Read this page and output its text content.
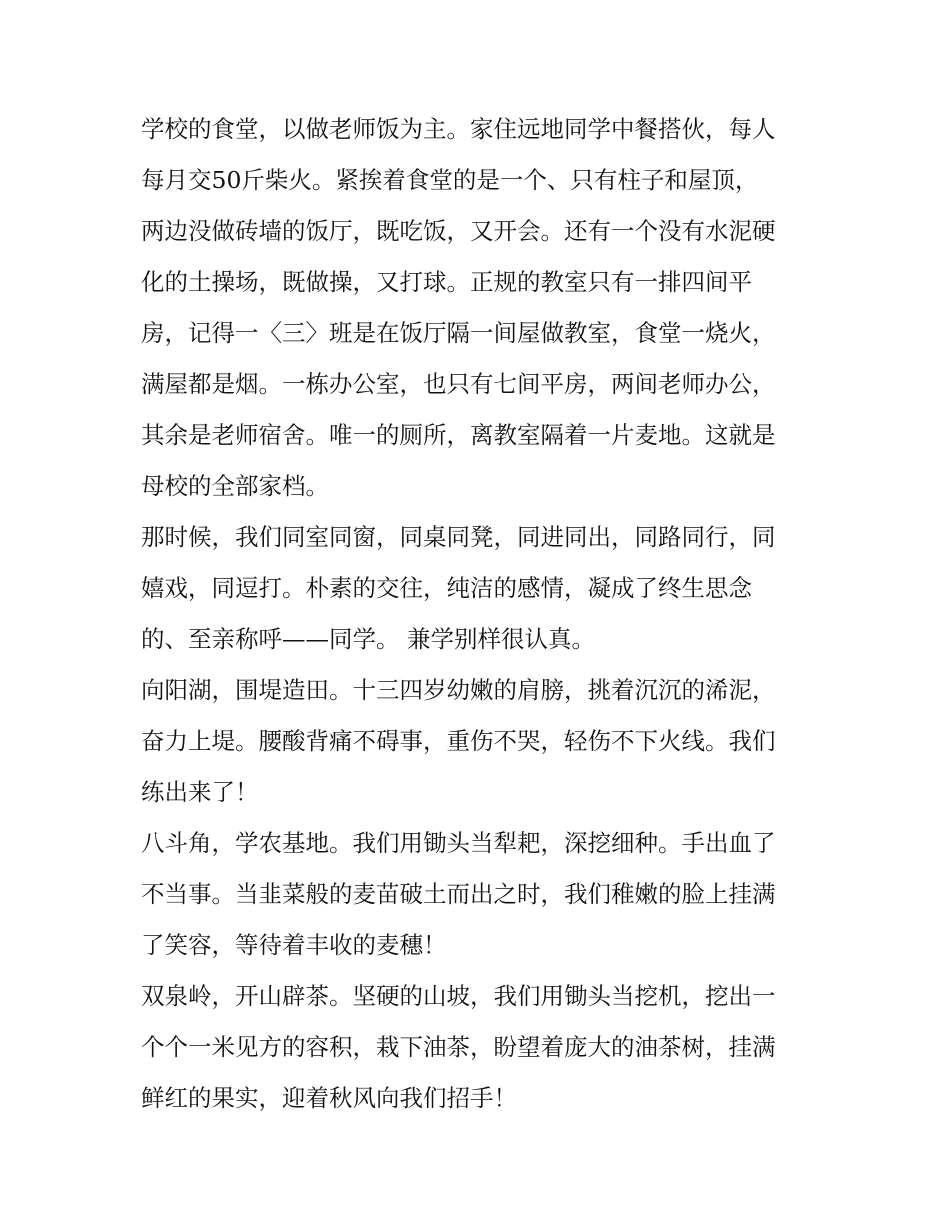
学校的食堂，以做老师饭为主。家住远地同学中餐搭伙，每人
每月交50斤柴火。紧挨着食堂的是一个、只有柱子和屋顶，
两边没做砖墙的饭厅，既吃饭，又开会。还有一个没有水泥硬
化的土操场，既做操，又打球。正规的教室只有一排四间平
房，记得一〈三〉班是在饭厅隔一间屋做教室，食堂一烧火，
满屋都是烟。一栋办公室，也只有七间平房，两间老师办公，
其余是老师宿舍。唯一的厕所，离教室隔着一片麦地。这就是
母校的全部家档。
那时候，我们同室同窗，同桌同凳，同进同出，同路同行，同
嬉戏，同逗打。朴素的交往，纯洁的感情，凝成了终生思念
的、至亲称呼——同学。 兼学别样很认真。
向阳湖，围堤造田。十三四岁幼嫩的肩膀，挑着沉沉的浠泥，
奋力上堤。腰酸背痛不碍事，重伤不哭，轻伤不下火线。我们
练出来了！
八斗角，学农基地。我们用锄头当犁耙，深挖细种。手出血了
不当事。当韭菜般的麦苗破土而出之时，我们稚嫩的脸上挂满
了笑容，等待着丰收的麦穗！
双泉岭，开山辟茶。坚硬的山坡，我们用锄头当挖机，挖出一
个个一米见方的容积，栽下油茶，盼望着庞大的油茶树，挂满
鲜红的果实，迎着秋风向我们招手！
